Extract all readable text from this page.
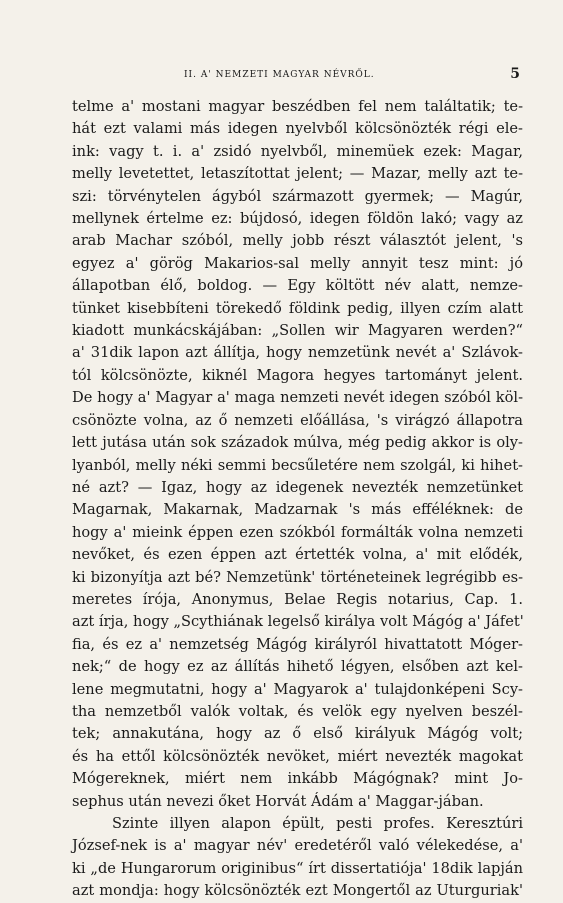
II. A' NEMZETI MAGYAR NÉVRŐL.	5
telme a' mostani magyar beszédben fel nem találtatik; te-
hát ezt valami más idegen nyelvből kölcsönözték régi ele-
ink: vagy t. i. a' zsidó nyelvből, minemüek ezek: Magar,
melly levetettet, letaszítottat jelent; — Mazar, melly azt te-
szi: törvénytelen ágyból származott gyermek; — Magúr,
mellynek értelme ez: bújdosó, idegen földön lakó; vagy az
arab Machar szóból, melly jobb részt választót jelent, 's
egyez a' görög Makarios-sal melly annyit tesz mint: jó
állapotban élő, boldog. — Egy költött név alatt, nemze-
tünket kisebbíteni törekedő földink pedig, illyen czím alatt
kiadott munkácskájában: „Sollen wir Magyaren werden?“
a' 31dik lapon azt állítja, hogy nemzetünk nevét a' Szlávok-
tól kölcsönözte, kiknél Magora hegyes tartományt jelent.
De hogy a' Magyar a' maga nemzeti nevét idegen szóból köl-
csönözte volna, az ő nemzeti előállása, 's virágzó állapotra
lett jutása után sok századok múlva, még pedig akkor is oly-
lyanból, melly néki semmi becsűletére nem szolgál, ki hihet-
né azt? — Igaz, hogy az idegenek nevezték nemzetünket
Magarnak, Makarnak, Madzarnak 's más efféléknek: de
hogy a' mieink éppen ezen szókból formálták volna nemzeti
nevőket, és ezen éppen azt értették volna, a' mit elődék,
ki bizonyítja azt bé? Nemzetünk' történeteinek legrégibb es-
meretes írója, Anonymus, Belae Regis notarius, Cap. 1.
azt írja, hogy „Scythiának legelső királya volt Mágóg a' Jáfet'
fia, és ez a' nemzetség Mágóg királyról hivattatott Móger-
nek;“ de hogy ez az állítás hihető légyen, elsőben azt kel-
lene megmutatni, hogy a' Magyarok a' tulajdonképeni Scy-
tha nemzetből valók voltak, és velök egy nyelven beszél-
tek; annakutána, hogy az ő első királyuk Mágóg volt;
és ha ettől kölcsönözték nevöket, miért nevezték magokat
Mógereknek, miért nem inkább Mágógnak? mint Jo-
sephus után nevezi őket Horvát Ádám a' Maggar-jában.
Szinte illyen alapon épült, pesti profes. Keresztúri
József-nek is a' magyar név' eredetéről való vélekedése, a'
ki „de Hungarorum originibus“ írt dissertatiója' 18dik lapján
azt mondja: hogy kölcsönözték ezt Mongertől az Uturguriak'
